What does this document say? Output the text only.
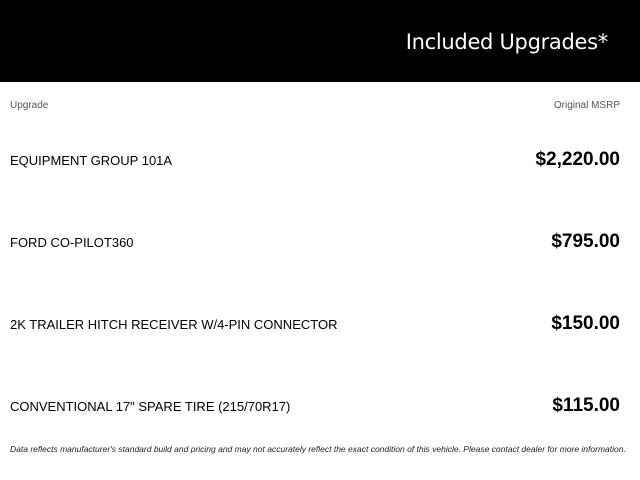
Included Upgrades*
Upgrade	Original MSRP
EQUIPMENT GROUP 101A	$2,220.00
FORD CO-PILOT360	$795.00
2K TRAILER HITCH RECEIVER W/4-PIN CONNECTOR	$150.00
CONVENTIONAL 17" SPARE TIRE (215/70R17)	$115.00
Data reflects manufacturer's standard build and pricing and may not accurately reflect the exact condition of this vehicle. Please contact dealer for more information.
